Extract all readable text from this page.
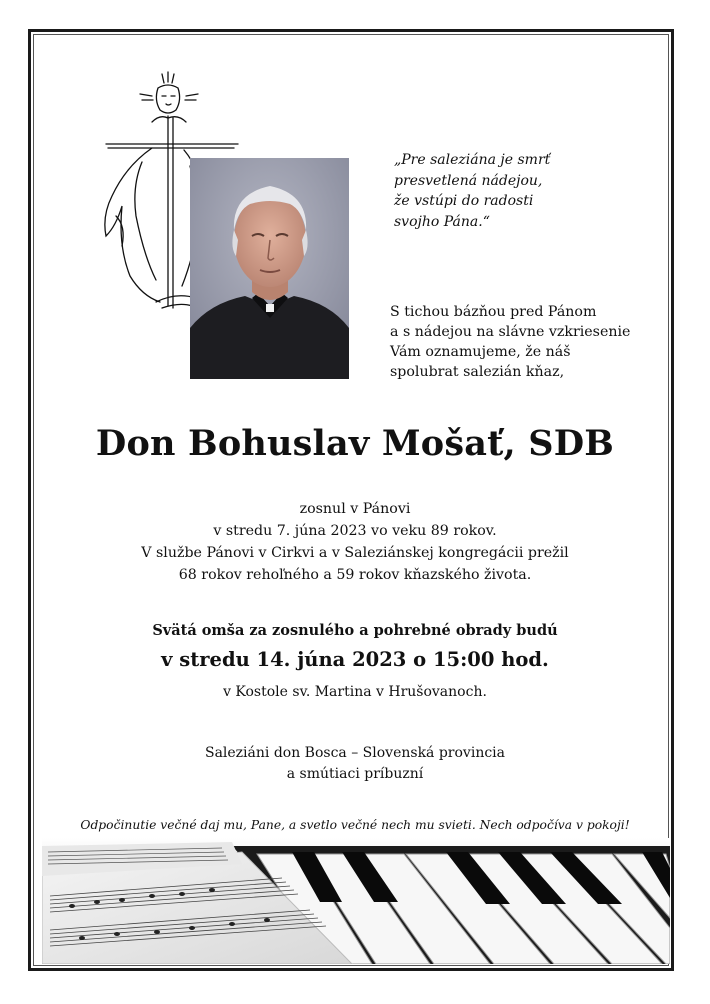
„Pre saleziána je smrť
presvetlená nádejou,
že vstúpi do radosti
svojho Pána.“
S tichou bázňou pred Pánom
a s nádejou na slávne vzkriesenie
Vám oznamujeme, že náš
spolubrat salezián kňaz,
Don Bohuslav Mošať, SDB
zosnul v Pánovi
v stredu 7. júna 2023 vo veku 89 rokov.
V službe Pánovi v Cirkvi a v Saleziánskej kongregácii prežil
68 rokov rehoľného a 59 rokov kňazského života.
Svätá omša za zosnulého a pohrebné obrady budú
v stredu 14. júna 2023 o 15:00 hod.
v Kostole sv. Martina v Hrušovanoch.
Saleziáni don Bosca – Slovenská provincia
a smútiaci príbuzní
Odpočinutie večné daj mu, Pane, a svetlo večné nech mu svieti. Nech odpočíva v pokoji!
